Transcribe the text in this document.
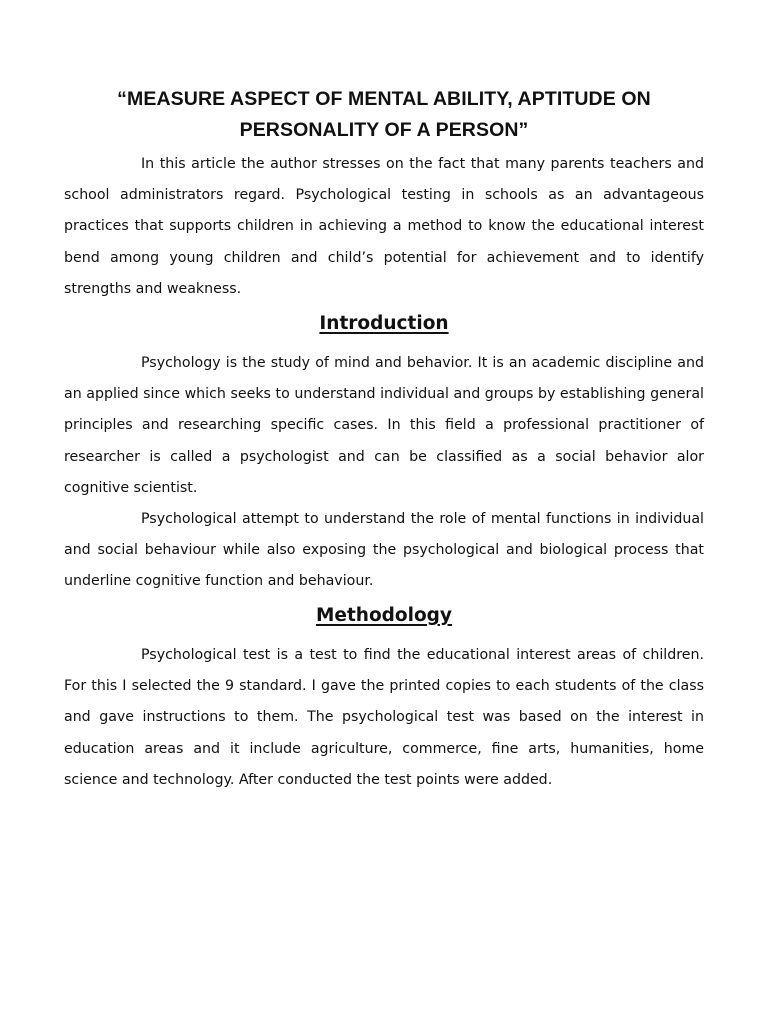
“MEASURE ASPECT OF MENTAL ABILITY, APTITUDE ON PERSONALITY OF A PERSON”

In this article the author stresses on the fact that many parents teachers and school administrators regard. Psychological testing in schools as an advantageous practices that supports children in achieving a method to know the educational interest bend among young children and child’s potential for achievement and to identify strengths and weakness.

Introduction

Psychology is the study of mind and behavior. It is an academic discipline and an applied since which seeks to understand individual and groups by establishing general principles and researching specific cases. In this field a professional practitioner of researcher is called a psychologist and can be classified as a social behavior alor cognitive scientist.

Psychological attempt to understand the role of mental functions in individual and social behaviour while also exposing the psychological and biological process that underline cognitive function and behaviour.

Methodology

Psychological test is a test to find the educational interest areas of children. For this I selected the 9 standard. I gave the printed copies to each students of the class and gave instructions to them. The psychological test was based on the interest in education areas and it include agriculture, commerce, fine arts, humanities, home science and technology. After conducted the test points were added.
